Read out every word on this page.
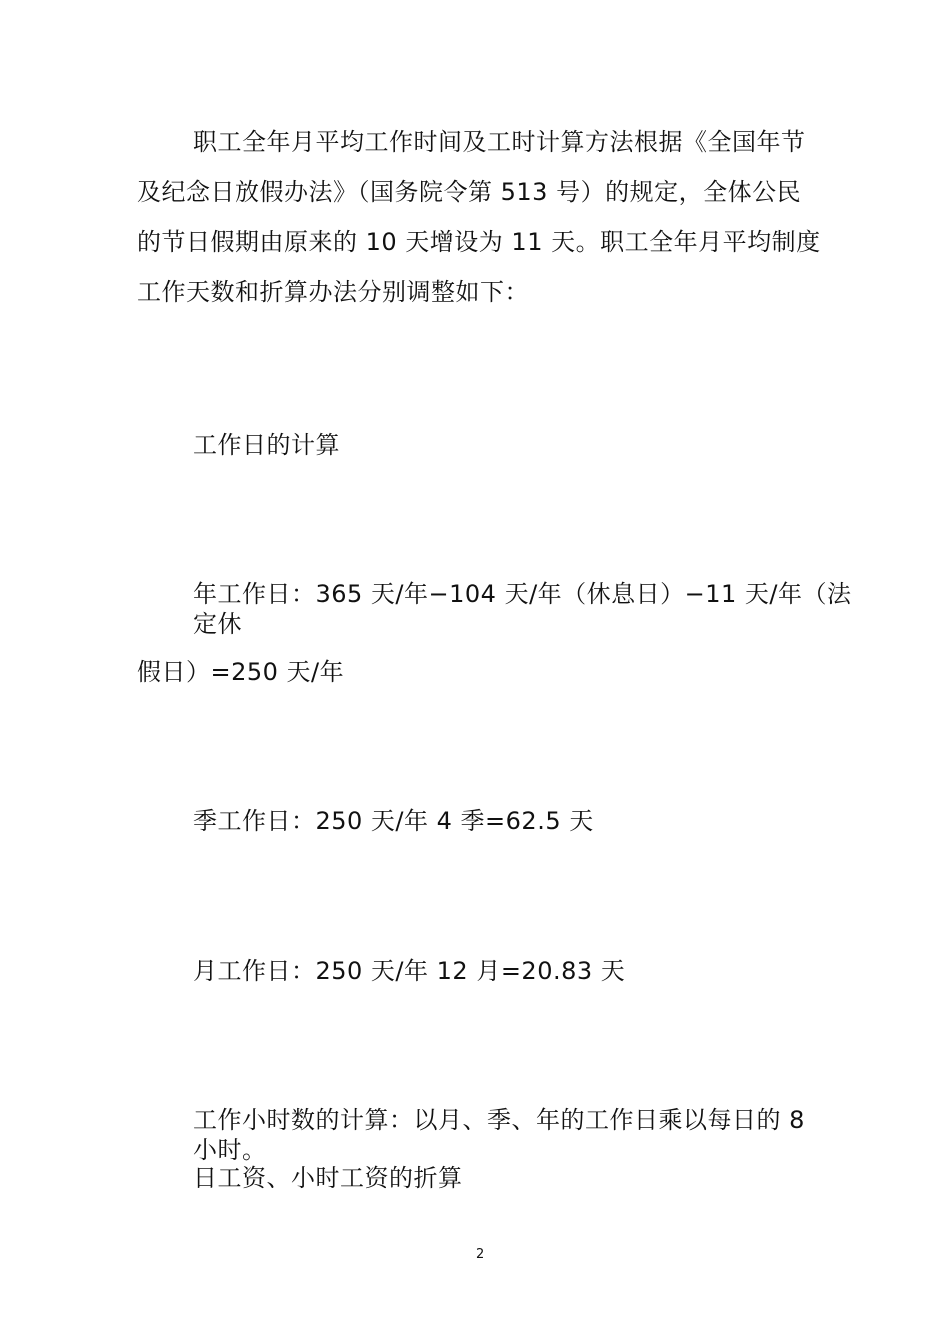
职工全年月平均工作时间及工时计算方法根据《全国年节
及纪念日放假办法》（国务院令第 513 号）的规定，全体公民
的节日假期由原来的 10 天增设为 11 天。职工全年月平均制度
工作天数和折算办法分别调整如下：
工作日的计算
年工作日：365 天/年−104 天/年（休息日）−11 天/年（法
定休
假日）=250 天/年
季工作日：250 天/年 4 季=62.5 天
月工作日：250 天/年 12 月=20.83 天
工作小时数的计算：以月、季、年的工作日乘以每日的 8
小时。
日工资、小时工资的折算
2
